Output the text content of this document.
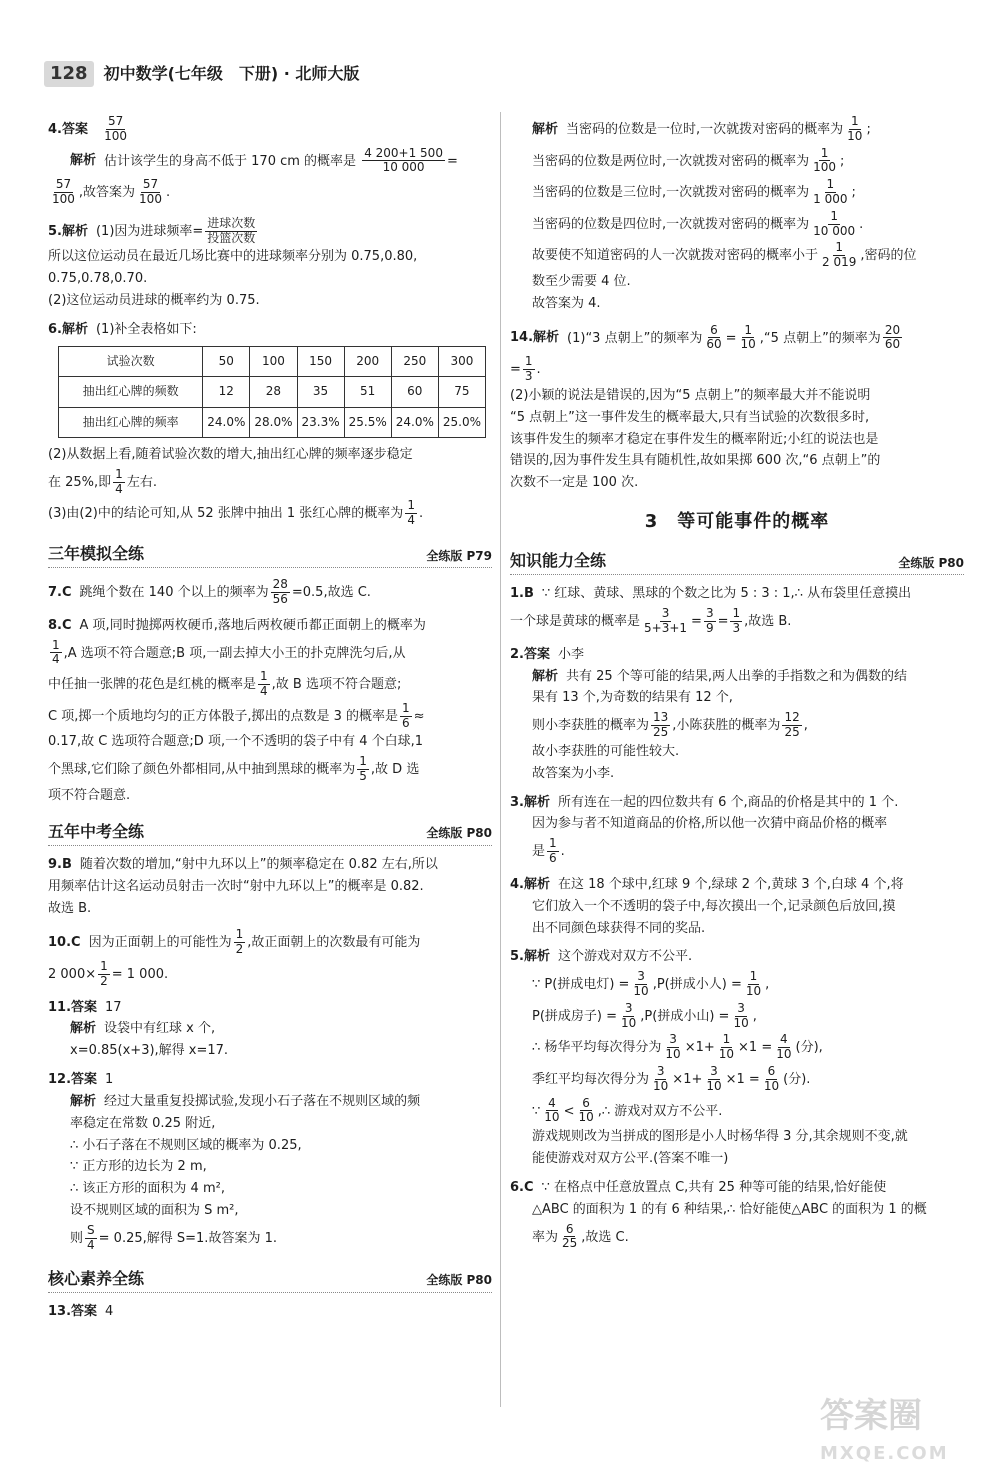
128	初中数学(七年级　下册) · 北师大版
4.答案 $\frac{57}{100}$
解析 估计该学生的身高不低于 170 cm 的概率是 $\frac{4 200+1 500}{10 000}$ =
$\frac{57}{100}$ ,故答案为 $\frac{57}{100}$ .
5.解析 (1)因为进球频率= $\frac{\text{进球次数}}{\text{投篮次数}}$
所以这位运动员在最近几场比赛中的进球频率分别为 0.75,0.80,
0.75,0.78,0.70.
(2)这位运动员进球的概率约为 0.75.
6.解析 (1)补全表格如下:
试验次数	50	100	150	200	250	300
抽出红心牌的频数	12	28	35	51	60	75
抽出红心牌的频率	24.0%	28.0%	23.3%	25.5%	24.0%	25.0%
(2)从数据上看,随着试验次数的增大,抽出红心牌的频率逐步稳定
在 25%,即 $\frac{1}{4}$ 左右.
(3)由(2)中的结论可知,从 52 张牌中抽出 1 张红心牌的概率为 $\frac{1}{4}$ .
三年模拟全练	全练版 P79
7.C 跳绳个数在 140 个以上的频率为 $\frac{28}{56} =0.5$,故选 C.
8.C A 项,同时抛掷两枚硬币,落地后两枚硬币都正面朝上的概率为
$\frac{1}{4} ,A$ 选项不符合题意;B 项,一副去掉大小王的扑克牌洗匀后,从
中任抽一张牌的花色是红桃的概率是 $\frac{1}{4}$ ,故 B 选项不符合题意;
C 项,掷一个质地均匀的正方体骰子,掷出的点数是 3 的概率是 $\frac{1}{6}$ ≈
0.17,故 C 选项符合题意;D 项,一个不透明的袋子中有 4 个白球,1
个黑球,它们除了颜色外都相同,从中抽到黑球的概率为 $\frac{1}{5}$ ,故 D 选
项不符合题意.
五年中考全练	全练版 P80
9.B 随着次数的增加,“射中九环以上”的频率稳定在 0.82 左右,所以
用频率估计这名运动员射击一次时“射中九环以上”的概率是 0.82.
故选 B.
10.C 因为正面朝上的可能性为 $\frac{1}{2}$ ,故正面朝上的次数最有可能为
2 $000\times \frac{1}{2} = 1$ 000.
11.答案 17
解析 设袋中有红球 x 个,
x=0.85(x+3),解得 x=17.
12.答案 1
解析 经过大量重复投掷试验,发现小石子落在不规则区域的频
率稳定在常数 0.25 附近,
∴ 小石子落在不规则区域的概率为 0.25,
∵ 正方形的边长为 2 m,
∴ 该正方形的面积为 4 m²,
设不规则区域的面积为 S m²,
则 $\frac{S}{4} = 0.25$,解得 S=1.故答案为 1.
核心素养全练	全练版 P80
13.答案 4
解析 当密码的位数是一位时,一次就拨对密码的概率为 $\frac{1}{10}$ ;
当密码的位数是两位时,一次就拨对密码的概率为 $\frac{1}{100}$ ;
当密码的位数是三位时,一次就拨对密码的概率为 $\frac{1}{1 000}$ ;
当密码的位数是四位时,一次就拨对密码的概率为 $\frac{1}{10 000}$ .
故要使不知道密码的人一次就拨对密码的概率小于 $\frac{1}{2 019}$ ,密码的位
数至少需要 4 位.
故答案为 4.
14.解析 (1)“3 点朝上”的频率为 $\frac{6}{60} = \frac{1}{10}$ ,“5 点朝上”的频率为 $\frac{20}{60}$
= $\frac{1}{3}$ .
(2)小颖的说法是错误的,因为“5 点朝上”的频率最大并不能说明
“5 点朝上”这一事件发生的概率最大,只有当试验的次数很多时,
该事件发生的频率才稳定在事件发生的概率附近;小红的说法也是
错误的,因为事件发生具有随机性,故如果掷 600 次,“6 点朝上”的
次数不一定是 100 次.
3　等可能事件的概率
知识能力全练	全练版 P80
1.B ∵ 红球、黄球、黑球的个数之比为 5 : 3 : 1,∴ 从布袋里任意摸出
一个球是黄球的概率是 $\frac{3}{5+3+1} = \frac{3}{9} = \frac{1}{3}$ ,故选 B.
2.答案 小李
解析 共有 25 个等可能的结果,两人出拳的手指数之和为偶数的结
果有 13 个,为奇数的结果有 12 个,
则小李获胜的概率为 $\frac{13}{25}$ ,小陈获胜的概率为 $\frac{12}{25}$ ,
故小李获胜的可能性较大.
故答案为小李.
3.解析 所有连在一起的四位数共有 6 个,商品的价格是其中的 1 个.
因为参与者不知道商品的价格,所以他一次猜中商品价格的概率
是 $\frac{1}{6}$ .
4.解析 在这 18 个球中,红球 9 个,绿球 2 个,黄球 3 个,白球 4 个,将
它们放入一个不透明的袋子中,每次摸出一个,记录颜色后放回,摸
出不同颜色球获得不同的奖品.
5.解析 这个游戏对双方不公平.
∵ P(拼成电灯) = $\frac{3}{10} ,P$(拼成小人) = $\frac{1}{10}$ ,
P(拼成房子) = $\frac{3}{10} ,P$(拼成小山) = $\frac{3}{10}$ ,
∴ 杨华平均每次得分为 $\frac{3}{10} \times 1+ \frac{1}{10} \times 1 = \frac{4}{10}$ (分),
季红平均每次得分为 $\frac{3}{10} \times 1+ \frac{3}{10} \times 1 = \frac{6}{10}$ (分).
∵ $\frac{4}{10} < \frac{6}{10}$ ,∴ 游戏对双方不公平.
游戏规则改为当拼成的图形是小人时杨华得 3 分,其余规则不变,就
能使游戏对双方公平.(答案不唯一)
6.C ∵ 在格点中任意放置点 C,共有 25 种等可能的结果,恰好能使
△ABC 的面积为 1 的有 6 种结果,∴ 恰好能使△ABC 的面积为 1 的概
率为 $\frac{6}{25}$ ,故选 C.
答案圈
MXQE.COM
